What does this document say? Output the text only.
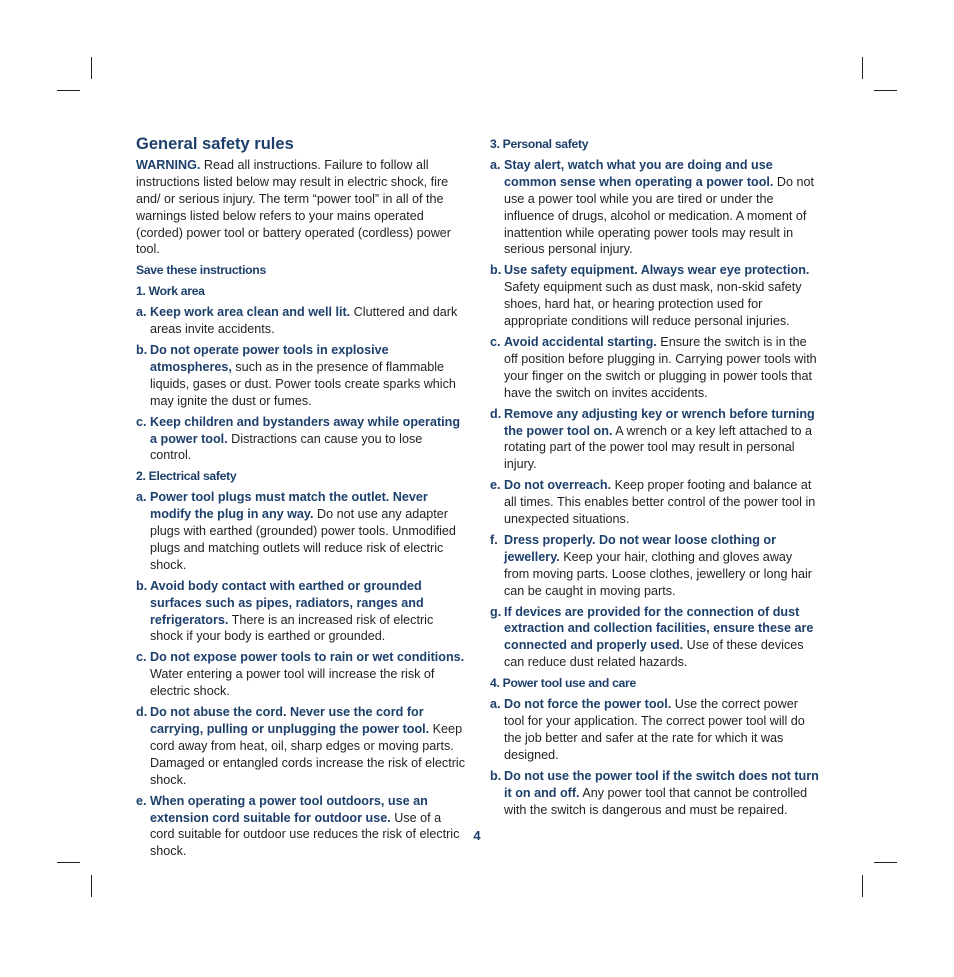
General safety rules
WARNING. Read all instructions. Failure to follow all instructions listed below may result in electric shock, fire and/ or serious injury. The term “power tool” in all of the warnings listed below refers to your mains operated (corded) power tool or battery operated (cordless) power tool.
Save these instructions
1. Work area
a. Keep work area clean and well lit. Cluttered and dark areas invite accidents.
b. Do not operate power tools in explosive atmospheres, such as in the presence of flammable liquids, gases or dust. Power tools create sparks which may ignite the dust or fumes.
c. Keep children and bystanders away while operating a power tool. Distractions can cause you to lose control.
2. Electrical safety
a. Power tool plugs must match the outlet. Never modify the plug in any way. Do not use any adapter plugs with earthed (grounded) power tools. Unmodified plugs and matching outlets will reduce risk of electric shock.
b. Avoid body contact with earthed or grounded surfaces such as pipes, radiators, ranges and refrigerators. There is an increased risk of electric shock if your body is earthed or grounded.
c. Do not expose power tools to rain or wet conditions. Water entering a power tool will increase the risk of electric shock.
d. Do not abuse the cord. Never use the cord for carrying, pulling or unplugging the power tool. Keep cord away from heat, oil, sharp edges or moving parts. Damaged or entangled cords increase the risk of electric shock.
e. When operating a power tool outdoors, use an extension cord suitable for outdoor use. Use of a cord suitable for outdoor use reduces the risk of electric shock.
3. Personal safety
a. Stay alert, watch what you are doing and use common sense when operating a power tool. Do not use a power tool while you are tired or under the influence of drugs, alcohol or medication. A moment of inattention while operating power tools may result in serious personal injury.
b. Use safety equipment. Always wear eye protection. Safety equipment such as dust mask, non-skid safety shoes, hard hat, or hearing protection used for appropriate conditions will reduce personal injuries.
c. Avoid accidental starting. Ensure the switch is in the off position before plugging in. Carrying power tools with your finger on the switch or plugging in power tools that have the switch on invites accidents.
d. Remove any adjusting key or wrench before turning the power tool on. A wrench or a key left attached to a rotating part of the power tool may result in personal injury.
e. Do not overreach. Keep proper footing and balance at all times. This enables better control of the power tool in unexpected situations.
f. Dress properly. Do not wear loose clothing or jewellery. Keep your hair, clothing and gloves away from moving parts. Loose clothes, jewellery or long hair can be caught in moving parts.
g. If devices are provided for the connection of dust extraction and collection facilities, ensure these are connected and properly used. Use of these devices can reduce dust related hazards.
4. Power tool use and care
a. Do not force the power tool. Use the correct power tool for your application. The correct power tool will do the job better and safer at the rate for which it was designed.
b. Do not use the power tool if the switch does not turn it on and off. Any power tool that cannot be controlled with the switch is dangerous and must be repaired.
4
